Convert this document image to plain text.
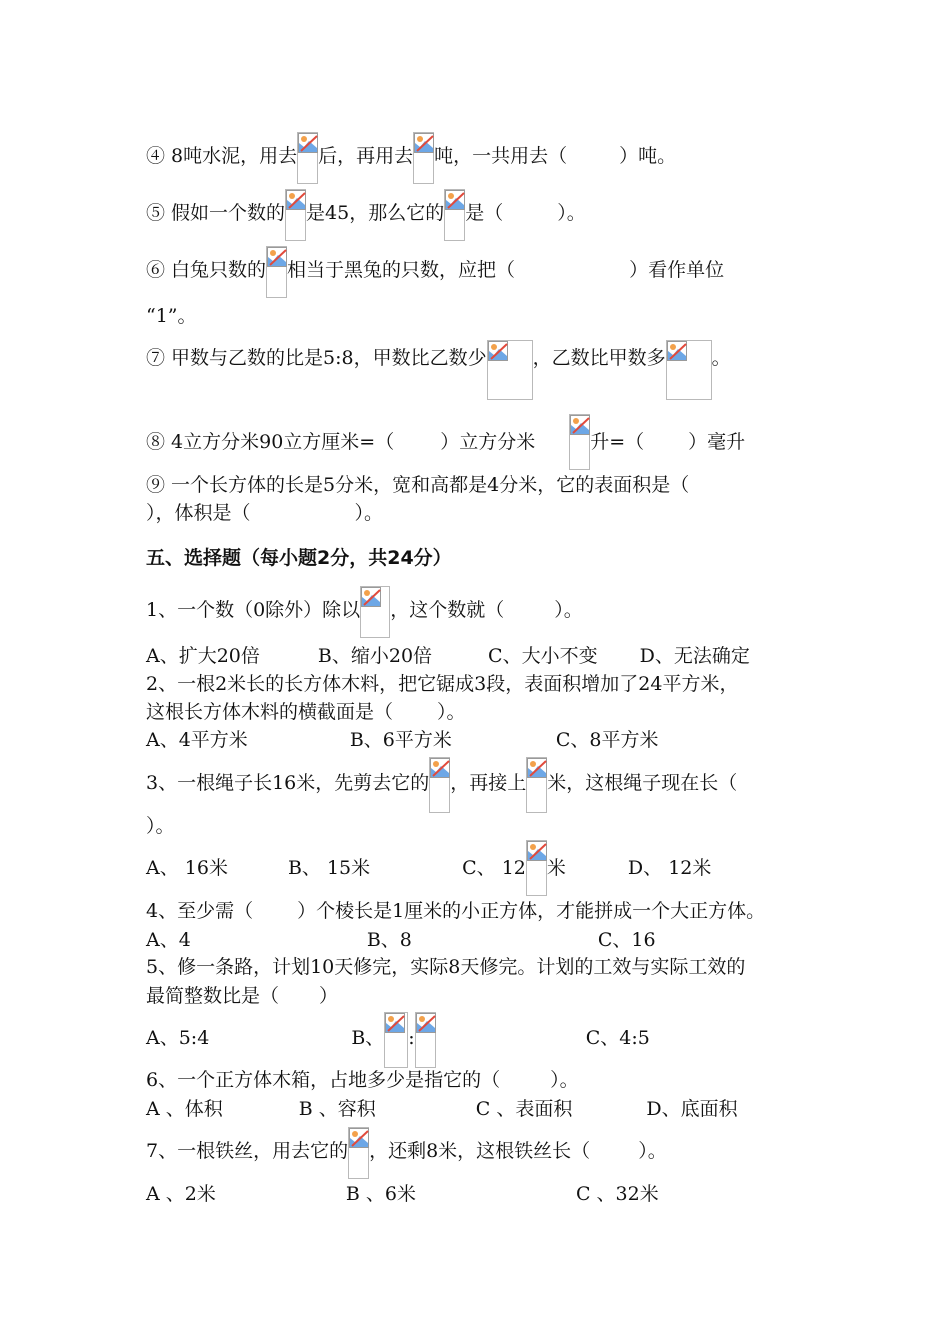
④ 8吨水泥，用去 后，再用去 吨，一共用去（	）吨。
⑤ 假如一个数的 是45，那么它的 是（	）。
⑥ 白兔只数的 相当于黑兔的只数，应把（	）看作单位
“1”。
⑦ 甲数与乙数的比是5:8，甲数比乙数少 ，乙数比甲数多 。
⑧ 4立方分米90立方厘米=（ ）立方分米	升=（ ）毫升
⑨ 一个长方体的长是5分米，宽和高都是4分米，它的表面积是（
），体积是（	）。
五、选择题（每小题2分，共24分）
1、一个数（0除外）除以 ，这个数就（	）。
A、扩大20倍	B、缩小20倍	C、大小不变 D、无法确定
2、一根2米长的长方体木料，把它锯成3段，表面积增加了24平方米，
这根长方体木料的横截面是（ ）。
A、4平方米	B、6平方米	C、8平方米
3、一根绳子长16米，先剪去它的 ，再接上 米，这根绳子现在长（
）。
A、 16米	B、 15米	C、 12 米	D、 12米
4、至少需（ ）个棱长是1厘米的小正方体，才能拼成一个大正方体。
A、4	B、8	C、16
5、修一条路，计划10天修完，实际8天修完。计划的工效与实际工效的
最简整数比是（ ）
A、5:4	B、 :	C、4:5
6、一个正方体木箱，占地多少是指它的（	）。
A 、体积	B 、容积	C 、表面积	D、底面积
7、一根铁丝，用去它的 ，还剩8米，这根铁丝长（	）。
A 、2米	B 、6米	C 、32米
